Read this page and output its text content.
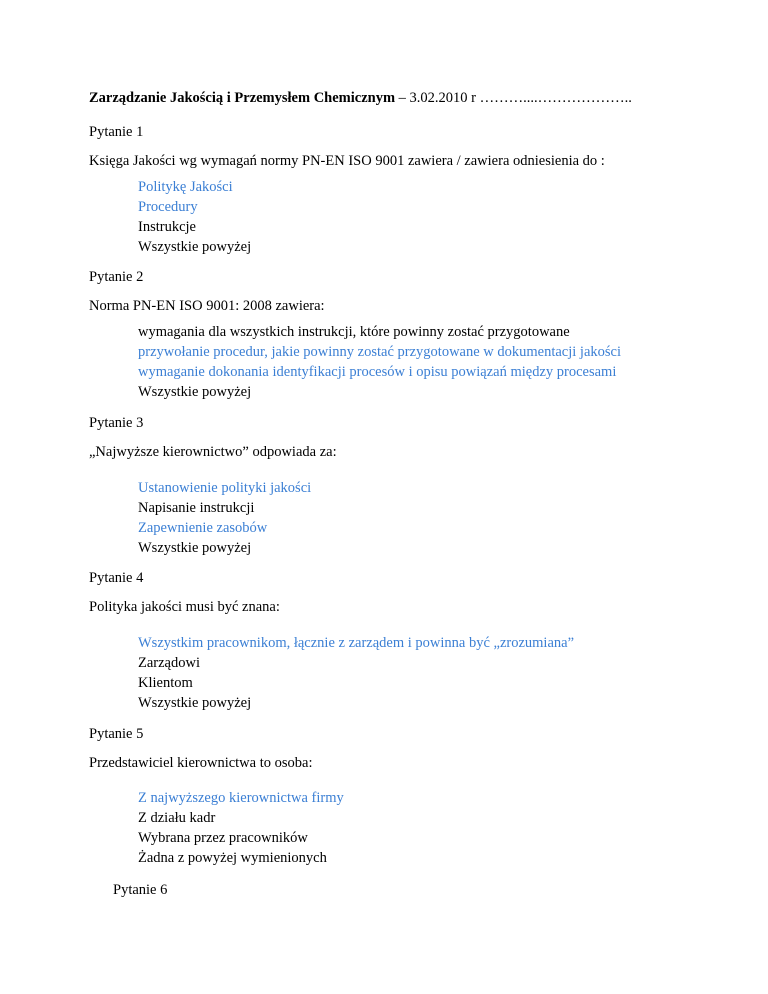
Zarządzanie Jakością i Przemysłem Chemicznym – 3.02.2010 r ………....………………..
Pytanie 1
Księga Jakości wg wymagań normy PN-EN ISO 9001 zawiera / zawiera odniesienia do :
Politykę Jakości
Procedury
Instrukcje
Wszystkie powyżej
Pytanie 2
Norma PN-EN ISO 9001: 2008 zawiera:
wymagania dla wszystkich instrukcji, które powinny zostać przygotowane
przywołanie procedur, jakie powinny zostać przygotowane w dokumentacji jakości
wymaganie dokonania identyfikacji procesów i opisu powiązań między procesami
Wszystkie powyżej
Pytanie 3
„Najwyższe kierownictwo” odpowiada za:
Ustanowienie polityki jakości
Napisanie instrukcji
Zapewnienie zasobów
Wszystkie powyżej
Pytanie 4
Polityka jakości musi być znana:
Wszystkim pracownikom, łącznie z zarządem i powinna być „zrozumiana”
Zarządowi
Klientom
Wszystkie powyżej
Pytanie 5
Przedstawiciel kierownictwa to osoba:
Z najwyższego kierownictwa firmy
Z działu kadr
Wybrana przez pracowników
Żadna z powyżej wymienionych
Pytanie 6
